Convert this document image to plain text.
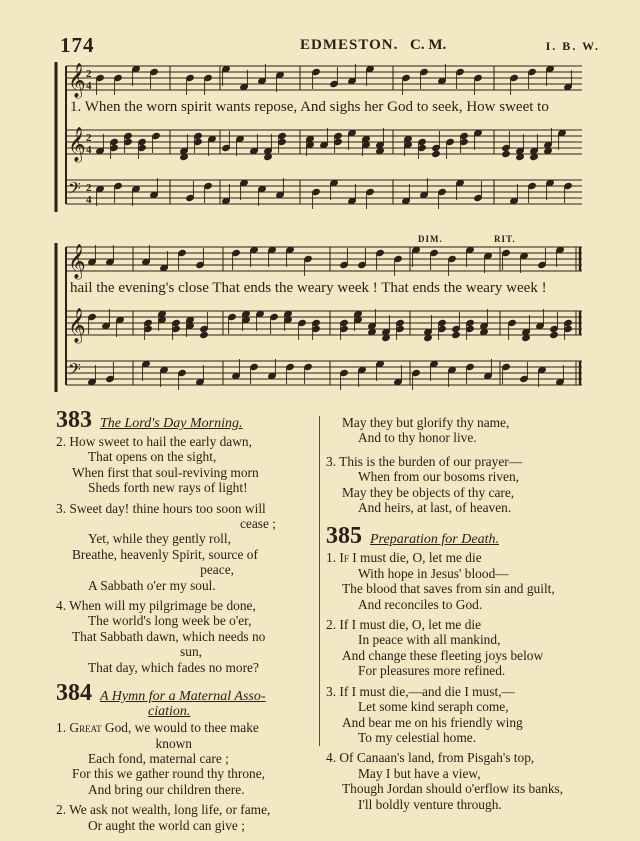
174	EDMESTON. C. M.	I. B. W.
𝄞 2
4
𝄞 2
4
𝄢 2
4
𝄞
𝄞
𝄢
1. When the worn spirit wants repose, And sighs her God to seek, How sweet to
hail the evening's close That ends the weary week ! That ends the weary week !
DIM.	RIT.
383 The Lord's Day Morning.
2. How sweet to hail the early dawn,
That opens on the sight,
When first that soul-reviving morn
Sheds forth new rays of light!
3. Sweet day! thine hours too soon will
cease ;
Yet, while they gently roll,
Breathe, heavenly Spirit, source of
peace,
A Sabbath o'er my soul.
4. When will my pilgrimage be done,
The world's long week be o'er,
That Sabbath dawn, which needs no
sun,
That day, which fades no more?
384 A Hymn for a Maternal Asso-
ciation.
1. Great God, we would to thee make
known
Each fond, maternal care ;
For this we gather round thy throne,
And bring our children there.
2. We ask not wealth, long life, or fame,
Or aught the world can give ;
May they but glorify thy name,
And to thy honor live.
3. This is the burden of our prayer—
When from our bosoms riven,
May they be objects of thy care,
And heirs, at last, of heaven.
385 Preparation for Death.
1. If I must die, O, let me die
With hope in Jesus' blood—
The blood that saves from sin and guilt,
And reconciles to God.
2. If I must die, O, let me die
In peace with all mankind,
And change these fleeting joys below
For pleasures more refined.
3. If I must die,—and die I must,—
Let some kind seraph come,
And bear me on his friendly wing
To my celestial home.
4. Of Canaan's land, from Pisgah's top,
May I but have a view,
Though Jordan should o'erflow its banks,
I'll boldly venture through.
